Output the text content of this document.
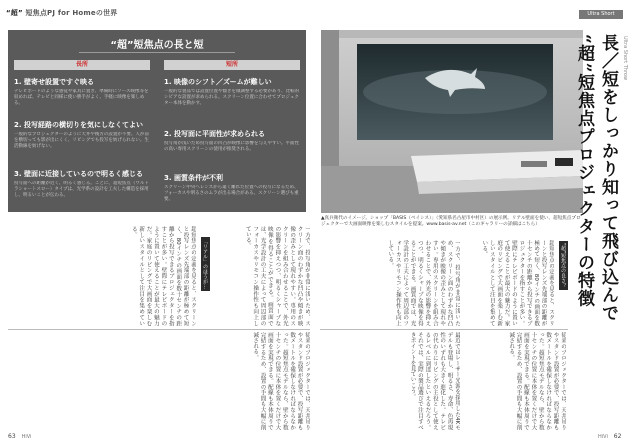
“超” 短焦点PJ for Homeの世界	Ultra Short Throw
“超”短焦点の長と短
長所	短所
1. 壁寄せ設置ですぐ映る
テレビボードのような感覚や家具に置き、準備時にソース映像等を収めれば、テレビと同様に使い勝手がよく、手軽に映像を楽しめる。
2. 投写経路の横切りを気にしなくてよい
一般的なプロジェクターのように天井や後方の設置が不要。人が前を横切っても影が出にくく、リビングでも投写を妨げられない。生活動線を妨げない。
3. 壁面に近接しているので明るく感じる
投写面への距離が近く、明るく感じる。ことに、超短焦点（ウルトラショートスロー）タイプは、光学系の設計を工夫した構造を採用し、明るいことが伝わる。
1. 映像のシフト／ズームが難しい
一般的な製品では設置位置や傾きを微調整する必要があり、比較的シビアな設置が求められる。スクリーン位置に合わせてプロジェクター本体を動かす。
2. 投写面に平面性が求められる
投写角が浅いため投写面の凹凸が映像に影響を与えやすい。平面性の高い専用スクリーンの使用が推奨される。
3. 画質条件が不利
スクリーン中央へレンズから遠く離れた位置への投写になるため、フォーカスや明るさのムラが出る場合がある。スクリーン選びも重要。
▲真兵衛代のイメージ。ショップ「BASIS（ベイシス）」（愛知県名古屋市中村区）の展示例。リアル壁面を使い、超短焦点プロジェクターで大画面映像を楽しむスタイルを提案。www.basis-av.net（このギャラリーの詳細はこちら）	長／短をしっかり知って飛び込んで
“超”短焦点プロジェクターの特徴	Ultra Short Throw
“超”短焦点の良さ？
「リアル」のほうが…	超短焦点の定義を見ると、スクリーンと投写レンズ先端部の距離が極めて短く、80インチの画面を数十センチの距離から投写できるプロジェクターを指すことが多い。壁際にテレビボードのように置いて使えることが最大の魅力だ。家庭のリビングで大画面を楽しむ新しいスタイルとして注目を集めている。
従来のプロジェクターでは、天井吊りやスタンド設置が必要で、投写距離も数メートルを確保しなければならなかった。超短焦点モデルなら、壁から数十センチの位置に本体を置くだけで大画面を実現できる。配線も本体周りで完結するため、設置の手間も大幅に削減される。
一方で、投写角が非常に浅いため、スクリーン面のわずかな凹凸や傾きが映像の歪みとして現れやすい。専用のスクリーンを組み合わせることで、外光の影響を抑えつつ、明るくシャープな映像を得ることができる。画質面では、光学設計の工夫によって周辺部のフォーカスやリモコン操作性も向上している。
最近ではレーザー光源を採用した4Kモデルも登場し、明るさ、寿命、色再現性のいずれも大きく進化した。テレビの代わりにリビングの主役として使えるレベルに到達したといえるだろう。それでは、実際の製品選びで注目すべきポイントを見ていこう。
超短焦点の定義を見ると、スクリーンと投写レンズ先端部の距離が極めて短く、80インチの画面を数十センチの距離から投写できるプロジェクターを指すことが多い。壁際にテレビボードのように置いて使えることが最大の魅力だ。家庭のリビングで大画面を楽しむ新しいスタイルとして注目を集めている。
従来のプロジェクターでは、天井吊りやスタンド設置が必要で、投写距離も数メートルを確保しなければならなかった。超短焦点モデルなら、壁から数十センチの位置に本体を置くだけで大画面を実現できる。配線も本体周りで完結するため、設置の手間も大幅に削減される。
一方で、投写角が非常に浅いため、スクリーン面のわずかな凹凸や傾きが映像の歪みとして現れやすい。専用のスクリーンを組み合わせることで、外光の影響を抑えつつ、明るくシャープな映像を得ることができる。画質面では、光学設計の工夫によって周辺部のフォーカスやリモコン操作性も向上している。
63 HiVi	HiVi 62
